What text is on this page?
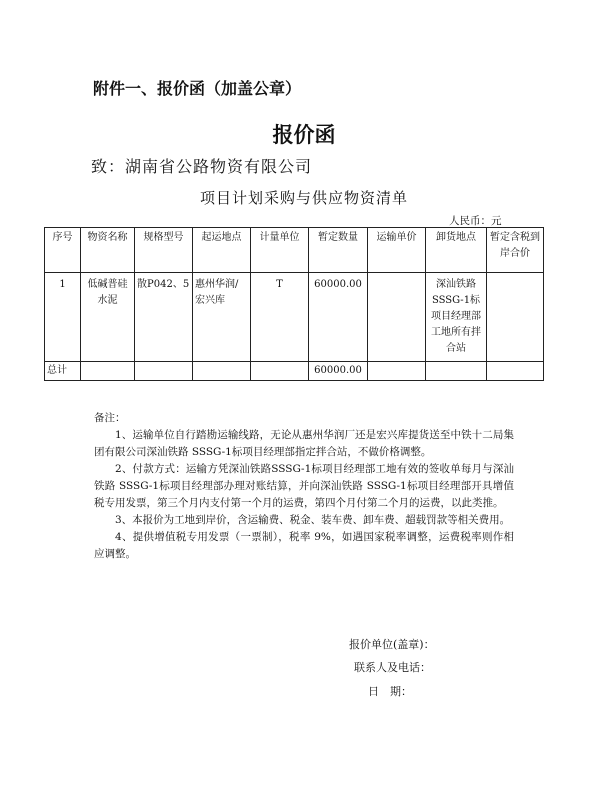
附件一、报价函（加盖公章）
报价函
致：湖南省公路物资有限公司
项目计划采购与供应物资清单
人民币：元
序号	物资名称	规格型号	起运地点	计量单位	暂定数量	运输单价	卸货地点	暂定含税到岸合价
1	低碱普硅水泥	散P042、5	惠州华润/宏兴库	T	60000.00		深汕铁路SSSG-1标项目经理部工地所有拌合站	
总计					60000.00			

备注：

1、运输单位自行踏勘运输线路，无论从惠州华润厂还是宏兴库提货送至中铁十二局集团有限公司深汕铁路 SSSG-1标项目经理部指定拌合站，不做价格调整。

2、付款方式：运输方凭深汕铁路SSSG-1标项目经理部工地有效的签收单每月与深汕铁路 SSSG-1标项目经理部办理对账结算，并向深汕铁路 SSSG-1标项目经理部开具增值税专用发票，第三个月内支付第一个月的运费，第四个月付第二个月的运费，以此类推。

3、本报价为工地到岸价，含运输费、税金、装车费、卸车费、超载罚款等相关费用。

4、提供增值税专用发票（一票制），税率 9%，如遇国家税率调整，运费税率则作相应调整。

报价单位(盖章)：
联系人及电话：
日　期：
